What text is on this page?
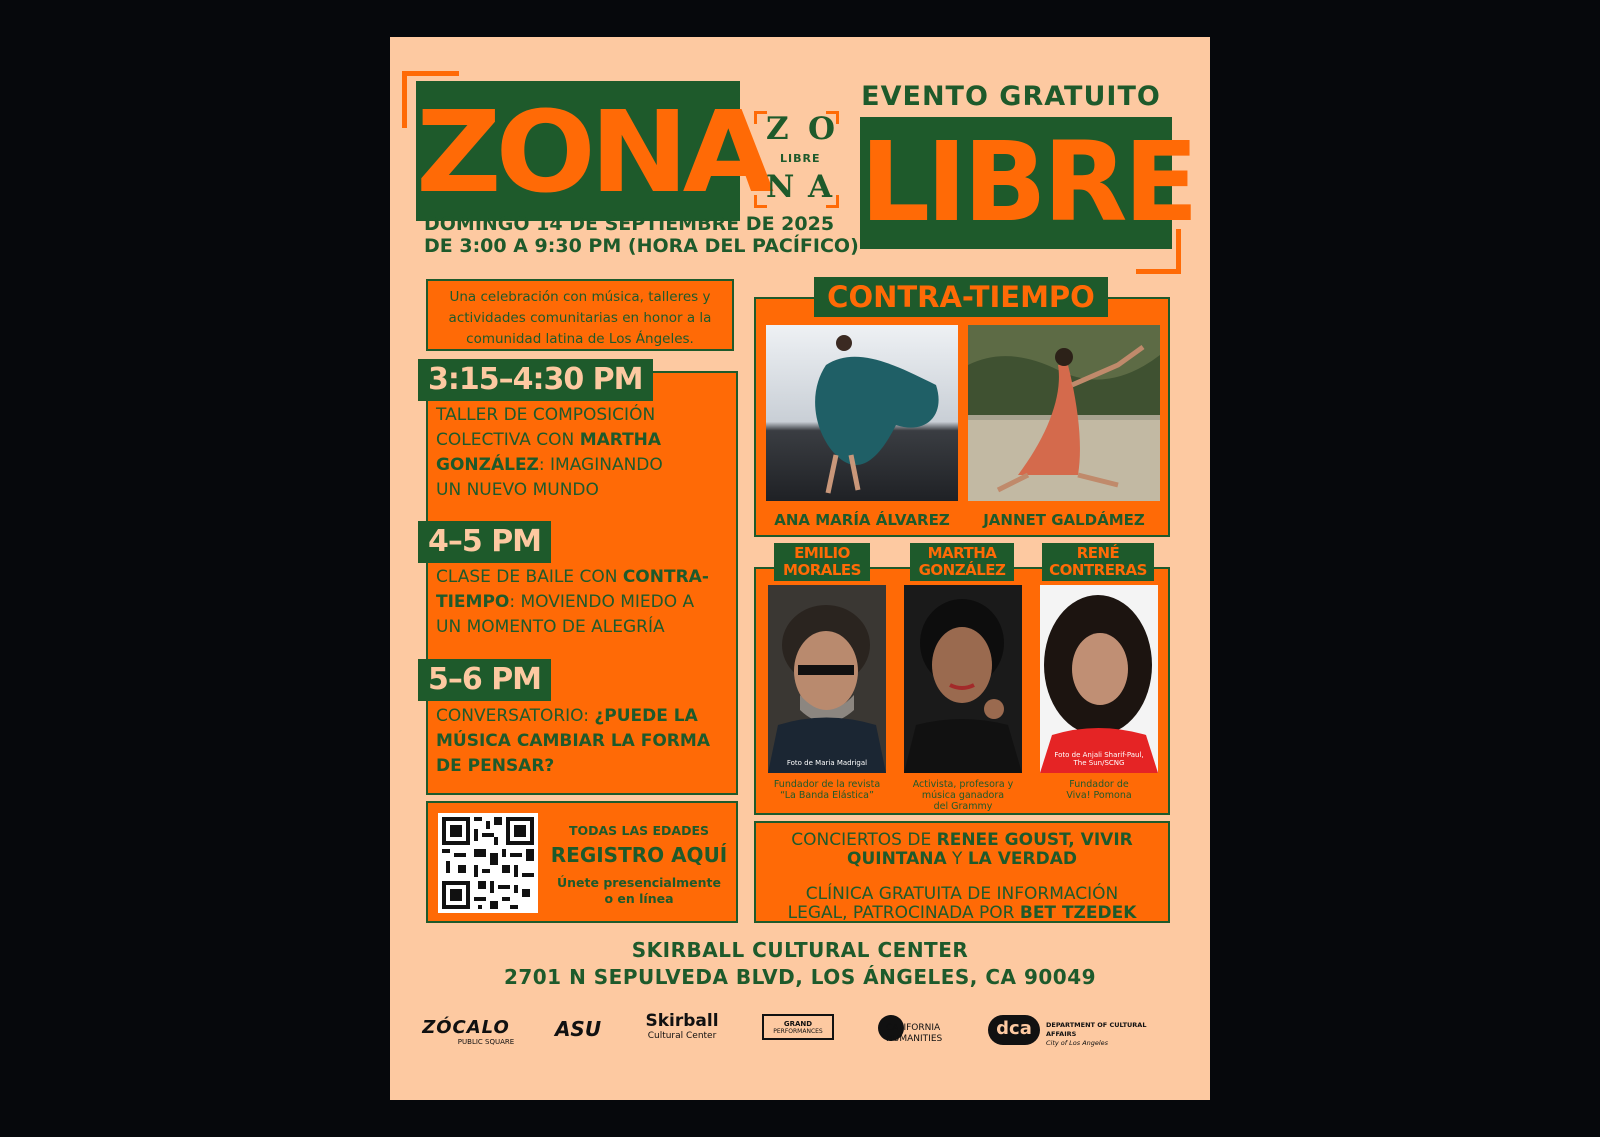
ZONA
Z O
LIBRE
N A
EVENTO GRATUITO
LIBRE
DOMINGO 14 DE SEPTIEMBRE DE 2025
DE 3:00 A 9:30 PM (HORA DEL PACÍFICO)
Una celebración con música, talleres y
actividades comunitarias en honor a la
comunidad latina de Los Ángeles.
3:15–4:30 PM
TALLER DE COMPOSICIÓN
COLECTIVA CON MARTHA
GONZÁLEZ: IMAGINANDO
UN NUEVO MUNDO
4–5 PM
CLASE DE BAILE CON CONTRA-
TIEMPO: MOVIENDO MIEDO A
UN MOMENTO DE ALEGRÍA
5–6 PM
CONVERSATORIO: ¿PUEDE LA
MÚSICA CAMBIAR LA FORMA
DE PENSAR?
TODAS LAS EDADES
REGISTRO AQUÍ
Únete presencialmente
o en línea
CONTRA-TIEMPO
ANA MARÍA ÁLVAREZ	JANNET GALDÁMEZ
EMILIO
MORALES
MARTHA
GONZÁLEZ
RENÉ
CONTRERAS
Foto de Maria Madrigal
Foto de Anjali Sharif-Paul,
The Sun/SCNG
Fundador de la revista
“La Banda Elástica”
Activista, profesora y
música ganadora
del Grammy
Fundador de
Viva! Pomona
CONCIERTOS DE RENEE GOUST, VIVIR
QUINTANA Y LA VERDAD
CLÍNICA GRATUITA DE INFORMACIÓN
LEGAL, PATROCINADA POR BET TZEDEK
SKIRBALL CULTURAL CENTER
2701 N SEPULVEDA BLVD, LOS ÁNGELES, CA 90049
ZÓCALO
PUBLIC SQUARE
ASU	Skirball
Cultural Center
GRAND
PERFORMANCES	CALIFORNIA
HUMANITIES	dca	DEPARTMENT OF CULTURAL AFFAIRS
City of Los Angeles
